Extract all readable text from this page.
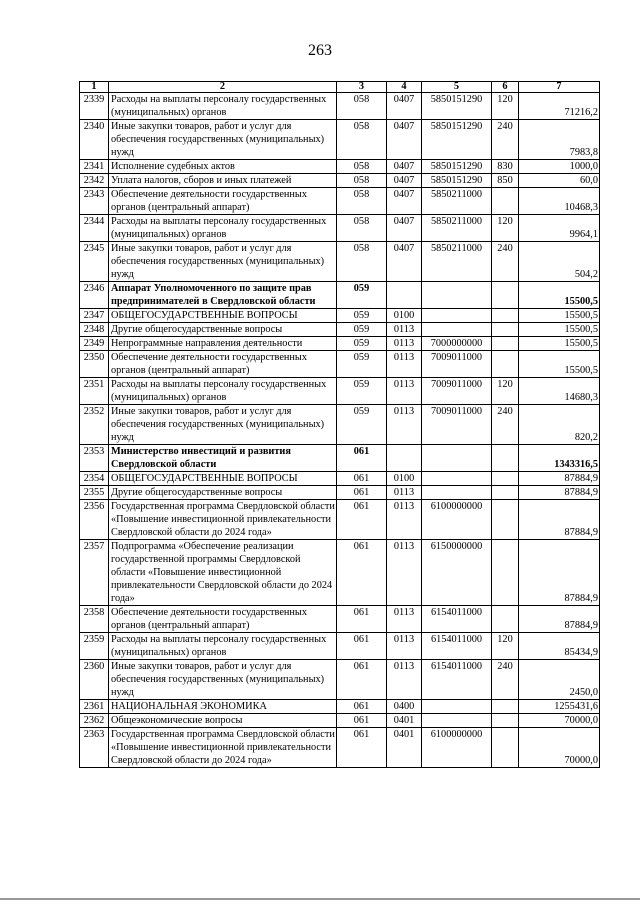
263
1	2	3	4	5	6	7
2339	Расходы на выплаты персоналу государственных (муниципальных) органов	058	0407	5850151290	120	71216,2
2340	Иные закупки товаров, работ и услуг для обеспечения государственных (муниципальных) нужд	058	0407	5850151290	240	7983,8
2341	Исполнение судебных актов	058	0407	5850151290	830	1000,0
2342	Уплата налогов, сборов и иных платежей	058	0407	5850151290	850	60,0
2343	Обеспечение деятельности государственных органов (центральный аппарат)	058	0407	5850211000		10468,3
2344	Расходы на выплаты персоналу государственных (муниципальных) органов	058	0407	5850211000	120	9964,1
2345	Иные закупки товаров, работ и услуг для обеспечения государственных (муниципальных) нужд	058	0407	5850211000	240	504,2
2346	Аппарат Уполномоченного по защите прав предпринимателей в Свердловской области	059				15500,5
2347	ОБЩЕГОСУДАРСТВЕННЫЕ ВОПРОСЫ	059	0100			15500,5
2348	Другие общегосударственные вопросы	059	0113			15500,5
2349	Непрограммные направления деятельности	059	0113	7000000000		15500,5
2350	Обеспечение деятельности государственных органов (центральный аппарат)	059	0113	7009011000		15500,5
2351	Расходы на выплаты персоналу государственных (муниципальных) органов	059	0113	7009011000	120	14680,3
2352	Иные закупки товаров, работ и услуг для обеспечения государственных (муниципальных) нужд	059	0113	7009011000	240	820,2
2353	Министерство инвестиций и развития Свердловской области	061				1343316,5
2354	ОБЩЕГОСУДАРСТВЕННЫЕ ВОПРОСЫ	061	0100			87884,9
2355	Другие общегосударственные вопросы	061	0113			87884,9
2356	Государственная программа Свердловской области «Повышение инвестиционной привлекательности Свердловской области до 2024 года»	061	0113	6100000000		87884,9
2357	Подпрограмма «Обеспечение реализации государственной программы Свердловской области «Повышение инвестиционной привлекательности Свердловской области до 2024 года»	061	0113	6150000000		87884,9
2358	Обеспечение деятельности государственных органов (центральный аппарат)	061	0113	6154011000		87884,9
2359	Расходы на выплаты персоналу государственных (муниципальных) органов	061	0113	6154011000	120	85434,9
2360	Иные закупки товаров, работ и услуг для обеспечения государственных (муниципальных) нужд	061	0113	6154011000	240	2450,0
2361	НАЦИОНАЛЬНАЯ ЭКОНОМИКА	061	0400			1255431,6
2362	Общеэкономические вопросы	061	0401			70000,0
2363	Государственная программа Свердловской области «Повышение инвестиционной привлекательности Свердловской области до 2024 года»	061	0401	6100000000		70000,0
